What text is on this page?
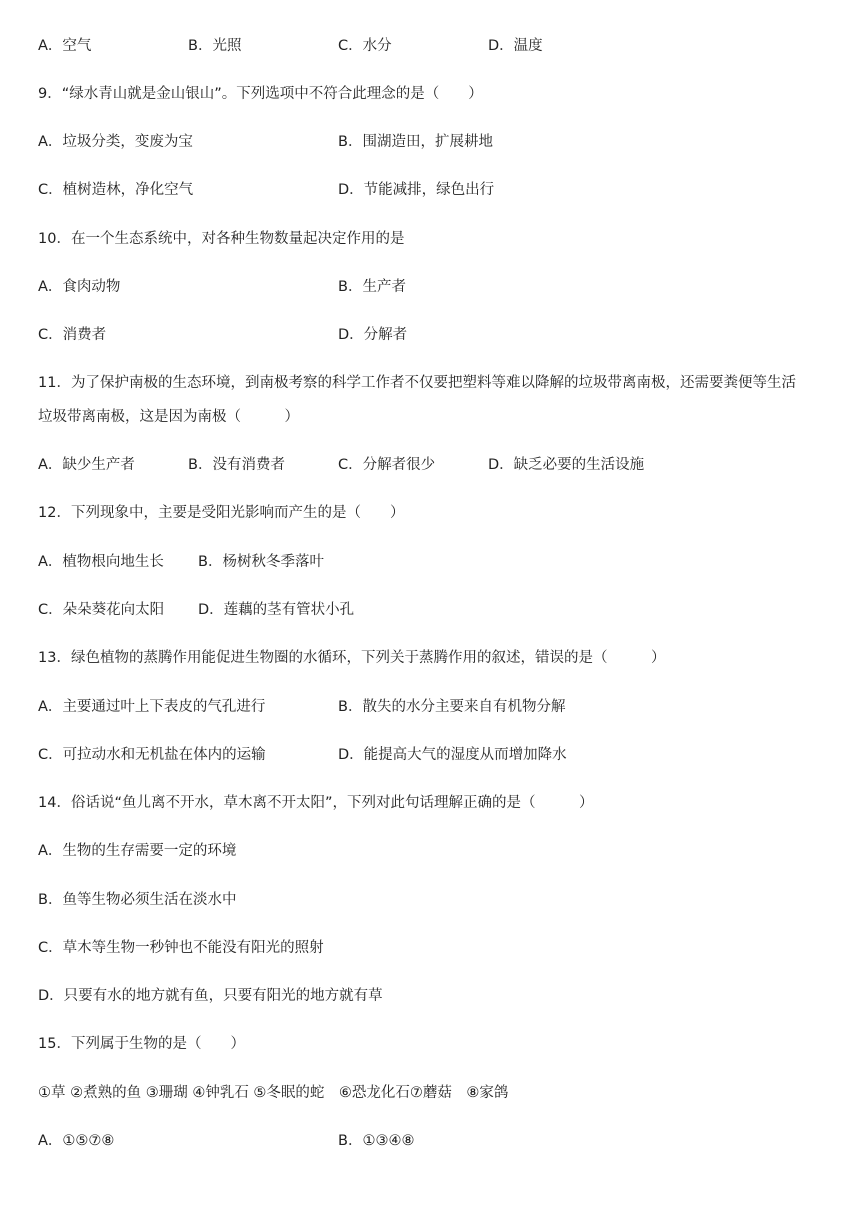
A．空气	B．光照	C．水分	D．温度
9．“绿水青山就是金山银山”。下列选项中不符合此理念的是（　　）
A．垃圾分类，变废为宝	B．围湖造田，扩展耕地
C．植树造林，净化空气	D．节能减排，绿色出行
10．在一个生态系统中，对各种生物数量起决定作用的是
A．食肉动物	B．生产者
C．消费者	D．分解者
11．为了保护南极的生态环境，到南极考察的科学工作者不仅要把塑料等难以降解的垃圾带离南极，还需要粪便等生活
垃圾带离南极，这是因为南极（　　　）
A．缺少生产者	B．没有消费者	C．分解者很少	D．缺乏必要的生活设施
12．下列现象中，主要是受阳光影响而产生的是（　　）
A．植物根向地生长 B．杨树秋冬季落叶
C．朵朵葵花向太阳 D．莲藕的茎有管状小孔
13．绿色植物的蒸腾作用能促进生物圈的水循环，下列关于蒸腾作用的叙述，错误的是（　　　）
A．主要通过叶上下表皮的气孔进行	B．散失的水分主要来自有机物分解
C．可拉动水和无机盐在体内的运输	D．能提高大气的湿度从而增加降水
14．俗话说“鱼儿离不开水，草木离不开太阳”，下列对此句话理解正确的是（　　　）
A．生物的生存需要一定的环境
B．鱼等生物必须生活在淡水中
C．草木等生物一秒钟也不能没有阳光的照射
D．只要有水的地方就有鱼，只要有阳光的地方就有草
15．下列属于生物的是（　　）
①草 ②煮熟的鱼 ③珊瑚 ④钟乳石 ⑤冬眠的蛇　⑥恐龙化石⑦蘑菇　⑧家鸽
A．①⑤⑦⑧	B．①③④⑧
